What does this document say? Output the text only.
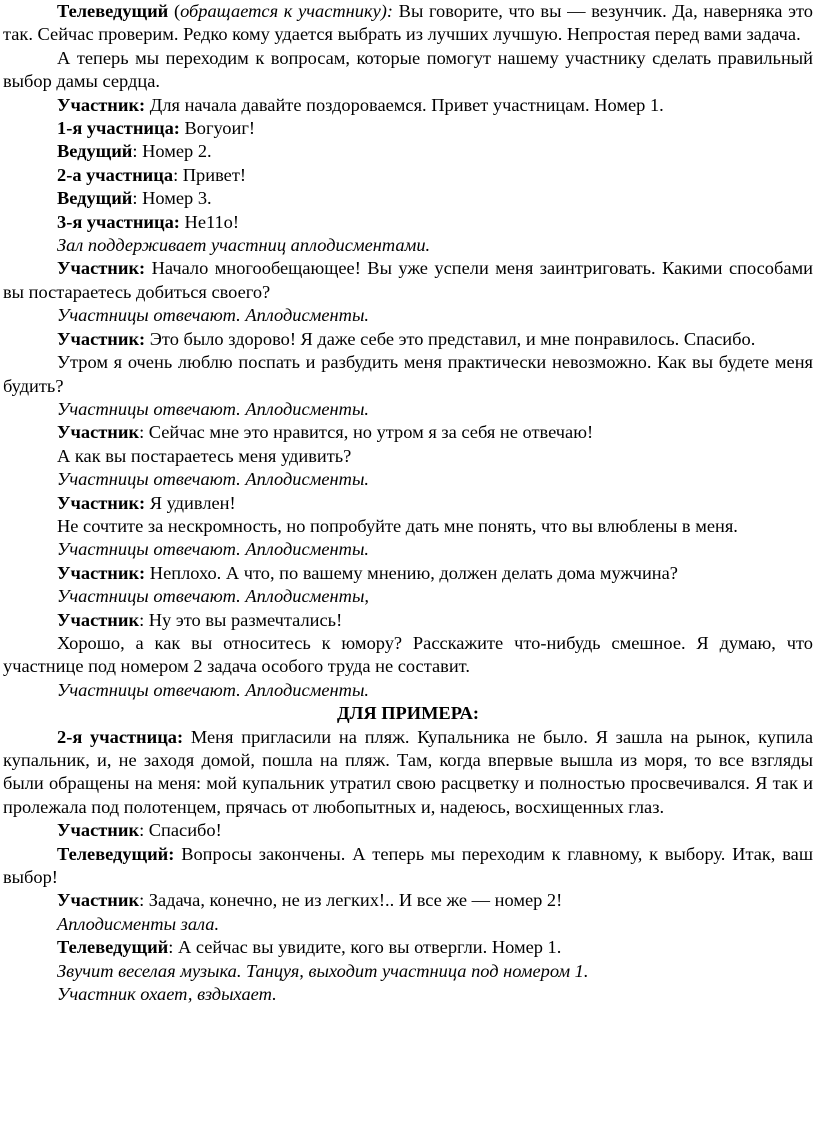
Телеведущий (обращается к участнику): Вы говорите, что вы — везунчик. Да, наверняка это так. Сейчас проверим. Редко кому удается выбрать из лучших лучшую. Непростая перед вами задача.

А теперь мы переходим к вопросам, которые помогут нашему участнику сделать правильный выбор дамы сердца.

Участник: Для начала давайте поздороваемся. Привет участницам. Номер 1.

1-я участница: Вогуоиг!

Ведущий: Номер 2.

2-а участница: Привет!

Ведущий: Номер 3.

3-я участница: Не11о!

Зал поддерживает участниц аплодисментами.

Участник: Начало многообещающее! Вы уже успели меня заинтриговать. Какими способами вы постараетесь добиться своего?

Участницы отвечают. Аплодисменты.

Участник: Это было здорово! Я даже себе это представил, и мне понравилось. Спасибо.

Утром я очень люблю поспать и разбудить меня практически невозможно. Как вы будете меня будить?

Участницы отвечают. Аплодисменты.

Участник: Сейчас мне это нравится, но утром я за себя не отвечаю!

А как вы постараетесь меня удивить?

Участницы отвечают. Аплодисменты.

Участник: Я удивлен!

Не сочтите за нескромность, но попробуйте дать мне понять, что вы влюблены в меня.

Участницы отвечают. Аплодисменты.

Участник: Неплохо. А что, по вашему мнению, должен делать дома мужчина?

Участницы отвечают. Аплодисменты,

Участник: Ну это вы размечтались!

Хорошо, а как вы относитесь к юмору? Расскажите что-нибудь смешное. Я думаю, что участнице под номером 2 задача особого труда не составит.

Участницы отвечают. Аплодисменты.

ДЛЯ ПРИМЕРА:

2-я участница: Меня пригласили на пляж. Купальника не было. Я зашла на рынок, купила купальник, и, не заходя домой, пошла на пляж. Там, когда впервые вышла из моря, то все взгляды были обращены на меня: мой купальник утратил свою расцветку и полностью просвечивался. Я так и пролежала под полотенцем, прячась от любопытных и, надеюсь, восхищенных глаз.

Участник: Спасибо!

Телеведущий: Вопросы закончены. А теперь мы переходим к главному, к выбору. Итак, ваш выбор!

Участник: Задача, конечно, не из легких!.. И все же — номер 2!

Аплодисменты зала.

Телеведущий: А сейчас вы увидите, кого вы отвергли. Номер 1.

Звучит веселая музыка. Танцуя, выходит участница под номером 1.

Участник охает, вздыхает.
